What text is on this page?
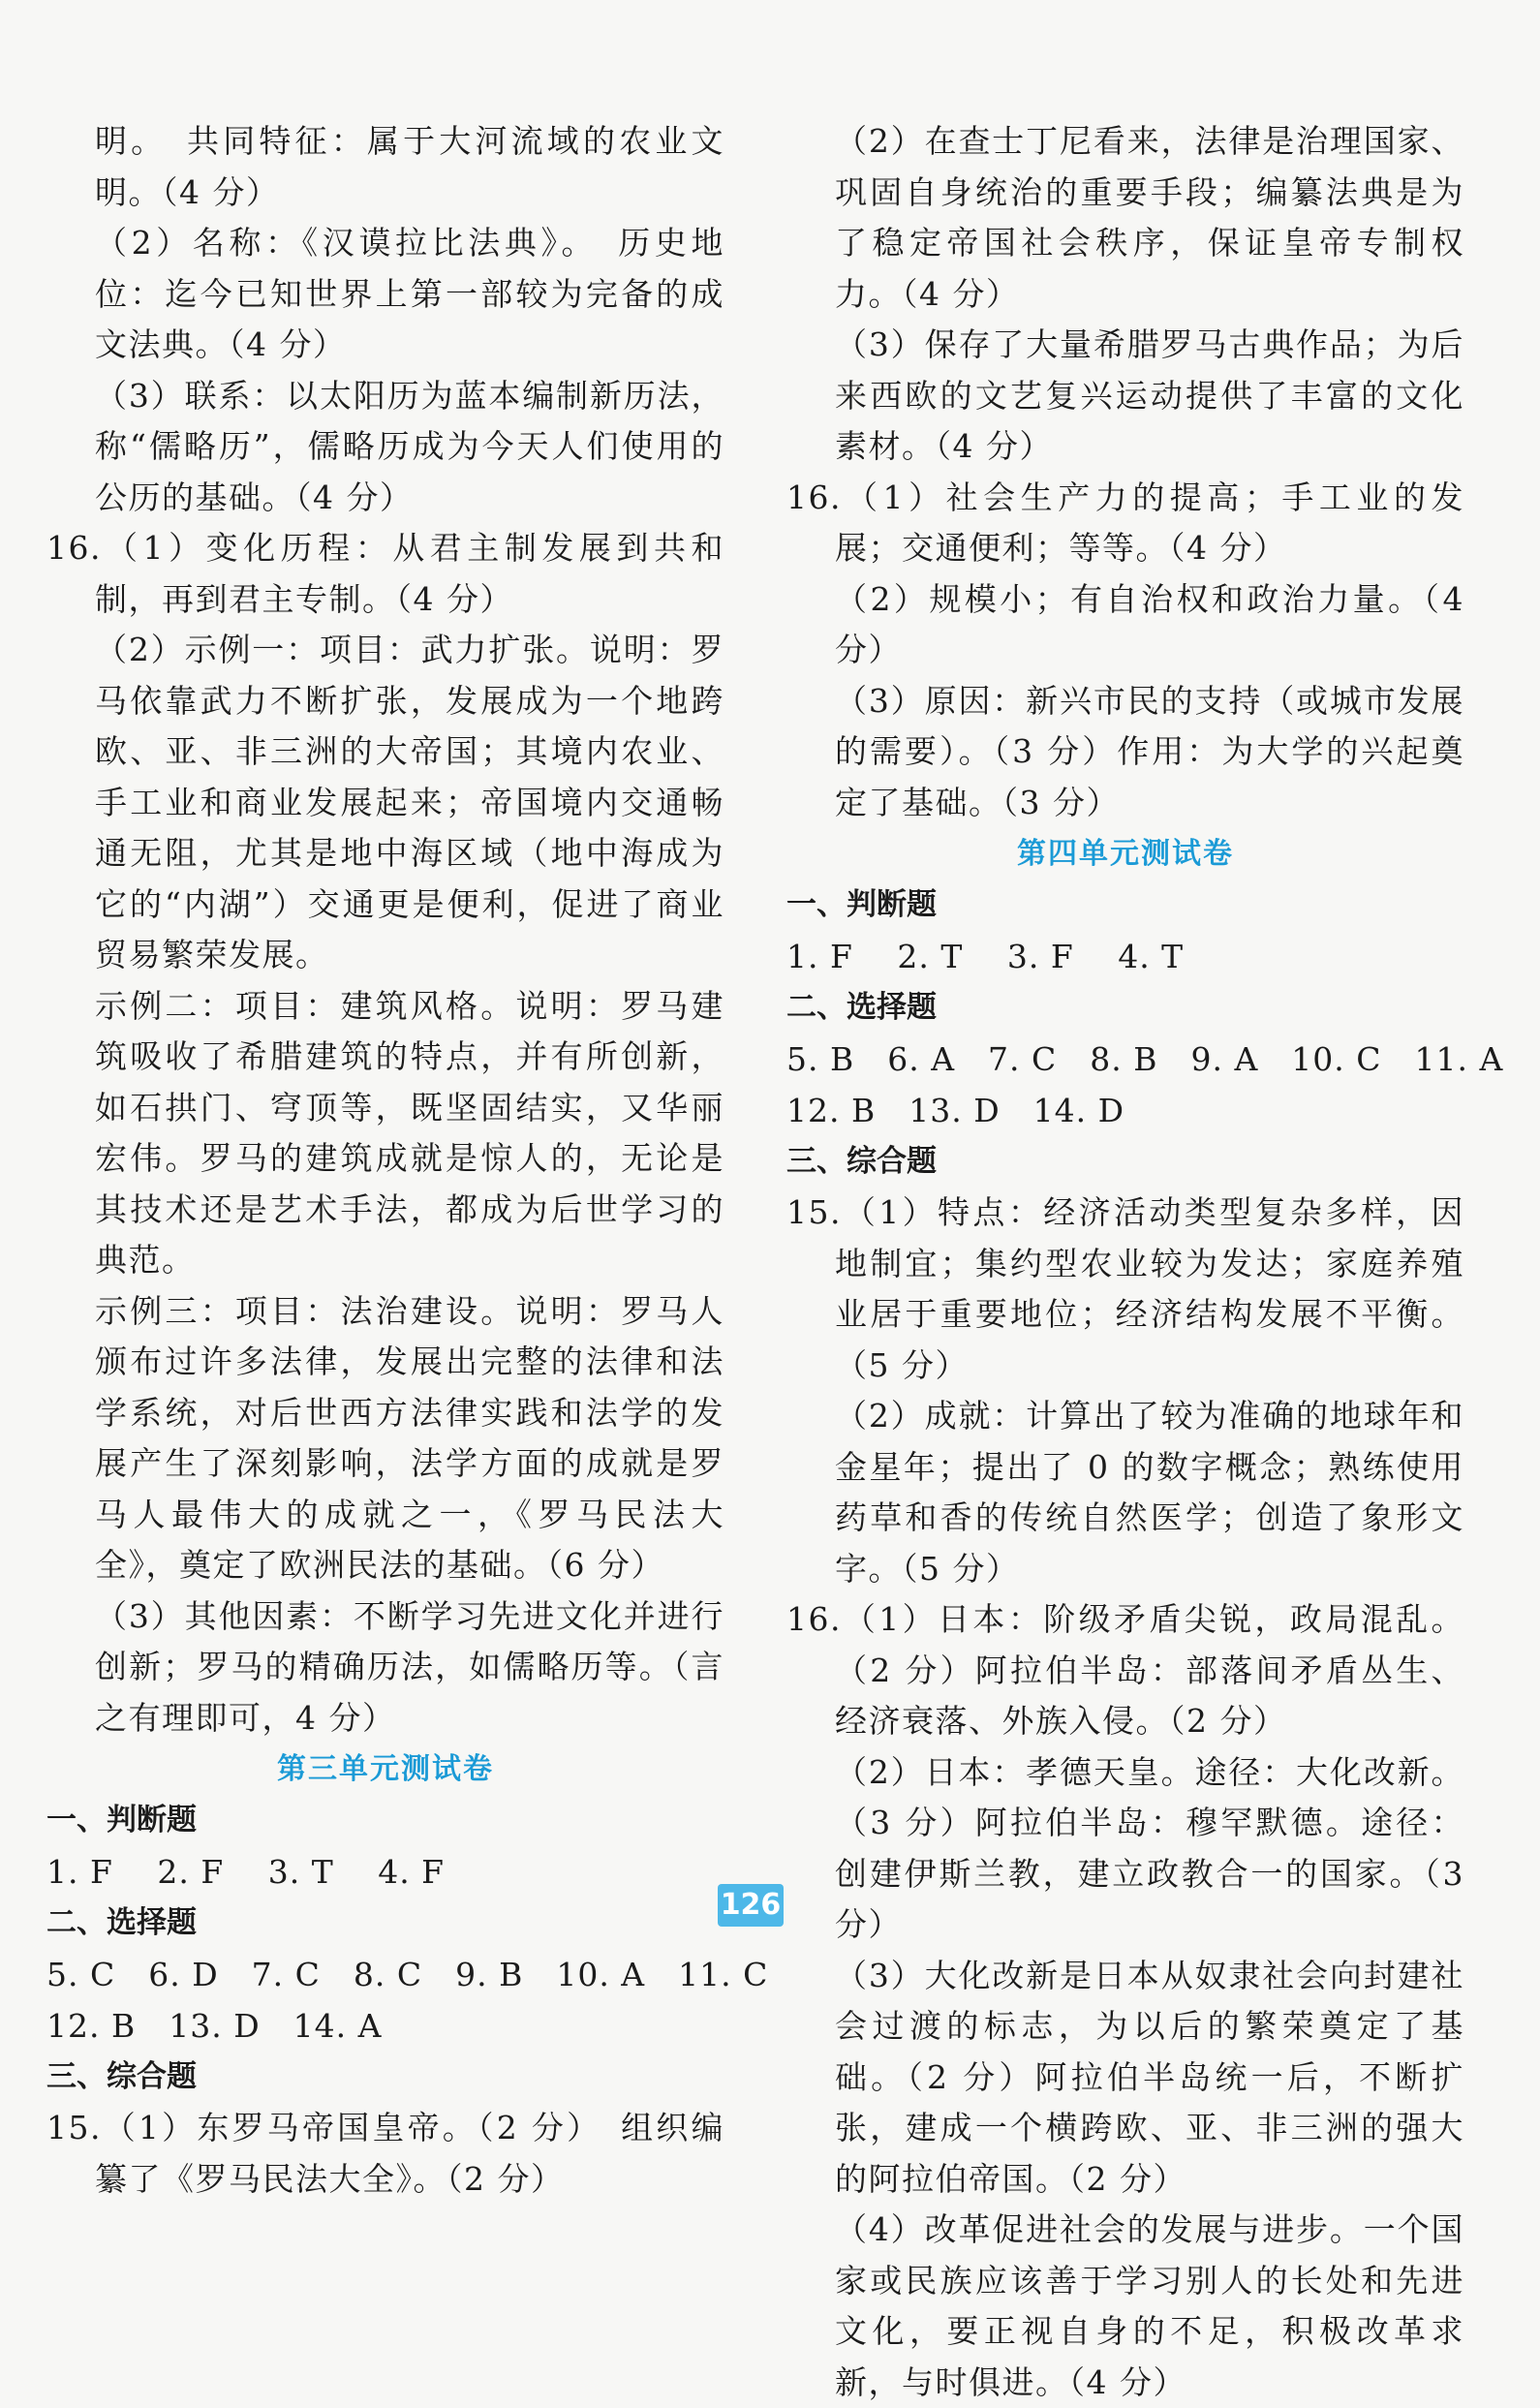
明。　共同特征：属于大河流域的农业文明。（4 分）

（2）名称：《汉谟拉比法典》。　历史地位：迄今已知世界上第一部较为完备的成文法典。（4 分）

（3）联系：以太阳历为蓝本编制新历法，称“儒略历”，儒略历成为今天人们使用的公历的基础。（4 分）

16.（1）变化历程：从君主制发展到共和制，再到君主专制。（4 分）

（2）示例一：项目：武力扩张。说明：罗马依靠武力不断扩张，发展成为一个地跨欧、亚、非三洲的大帝国；其境内农业、手工业和商业发展起来；帝国境内交通畅通无阻，尤其是地中海区域（地中海成为它的“内湖”）交通更是便利，促进了商业贸易繁荣发展。

示例二：项目：建筑风格。说明：罗马建筑吸收了希腊建筑的特点，并有所创新，如石拱门、穹顶等，既坚固结实，又华丽宏伟。罗马的建筑成就是惊人的，无论是其技术还是艺术手法，都成为后世学习的典范。

示例三：项目：法治建设。说明：罗马人颁布过许多法律，发展出完整的法律和法学系统，对后世西方法律实践和法学的发展产生了深刻影响，法学方面的成就是罗马人最伟大的成就之一，《罗马民法大全》，奠定了欧洲民法的基础。（6 分）

（3）其他因素：不断学习先进文化并进行创新；罗马的精确历法，如儒略历等。（言之有理即可，4 分）

第三单元测试卷

一、判断题

1. F　 2. F　 3. T　 4. F

二、选择题

5. C　6. D　7. C　8. C　9. B　10. A　11. C

12. B　13. D　14. A

三、综合题

15.（1）东罗马帝国皇帝。（2 分）　组织编纂了《罗马民法大全》。（2 分）

（2）在查士丁尼看来，法律是治理国家、巩固自身统治的重要手段；编纂法典是为了稳定帝国社会秩序，保证皇帝专制权力。（4 分）

（3）保存了大量希腊罗马古典作品；为后来西欧的文艺复兴运动提供了丰富的文化素材。（4 分）

16.（1）社会生产力的提高；手工业的发展；交通便利；等等。（4 分）

（2）规模小；有自治权和政治力量。（4 分）

（3）原因：新兴市民的支持（或城市发展的需要）。（3 分）作用：为大学的兴起奠定了基础。（3 分）

第四单元测试卷

一、判断题

1. F　 2. T　 3. F　 4. T

二、选择题

5. B　6. A　7. C　8. B　9. A　10. C　11. A

12. B　13. D　14. D

三、综合题

15.（1）特点：经济活动类型复杂多样，因地制宜；集约型农业较为发达；家庭养殖业居于重要地位；经济结构发展不平衡。（5 分）

（2）成就：计算出了较为准确的地球年和金星年；提出了 0 的数字概念；熟练使用药草和香的传统自然医学；创造了象形文字。（5 分）

16.（1）日本：阶级矛盾尖锐，政局混乱。（2 分）阿拉伯半岛：部落间矛盾丛生、经济衰落、外族入侵。（2 分）

（2）日本：孝德天皇。途径：大化改新。（3 分）阿拉伯半岛：穆罕默德。途径：创建伊斯兰教，建立政教合一的国家。（3 分）

（3）大化改新是日本从奴隶社会向封建社会过渡的标志，为以后的繁荣奠定了基础。（2 分）阿拉伯半岛统一后，不断扩张，建成一个横跨欧、亚、非三洲的强大的阿拉伯帝国。（2 分）

（4）改革促进社会的发展与进步。一个国家或民族应该善于学习别人的长处和先进文化，要正视自身的不足，积极改革求新，与时俱进。（4 分）

126
